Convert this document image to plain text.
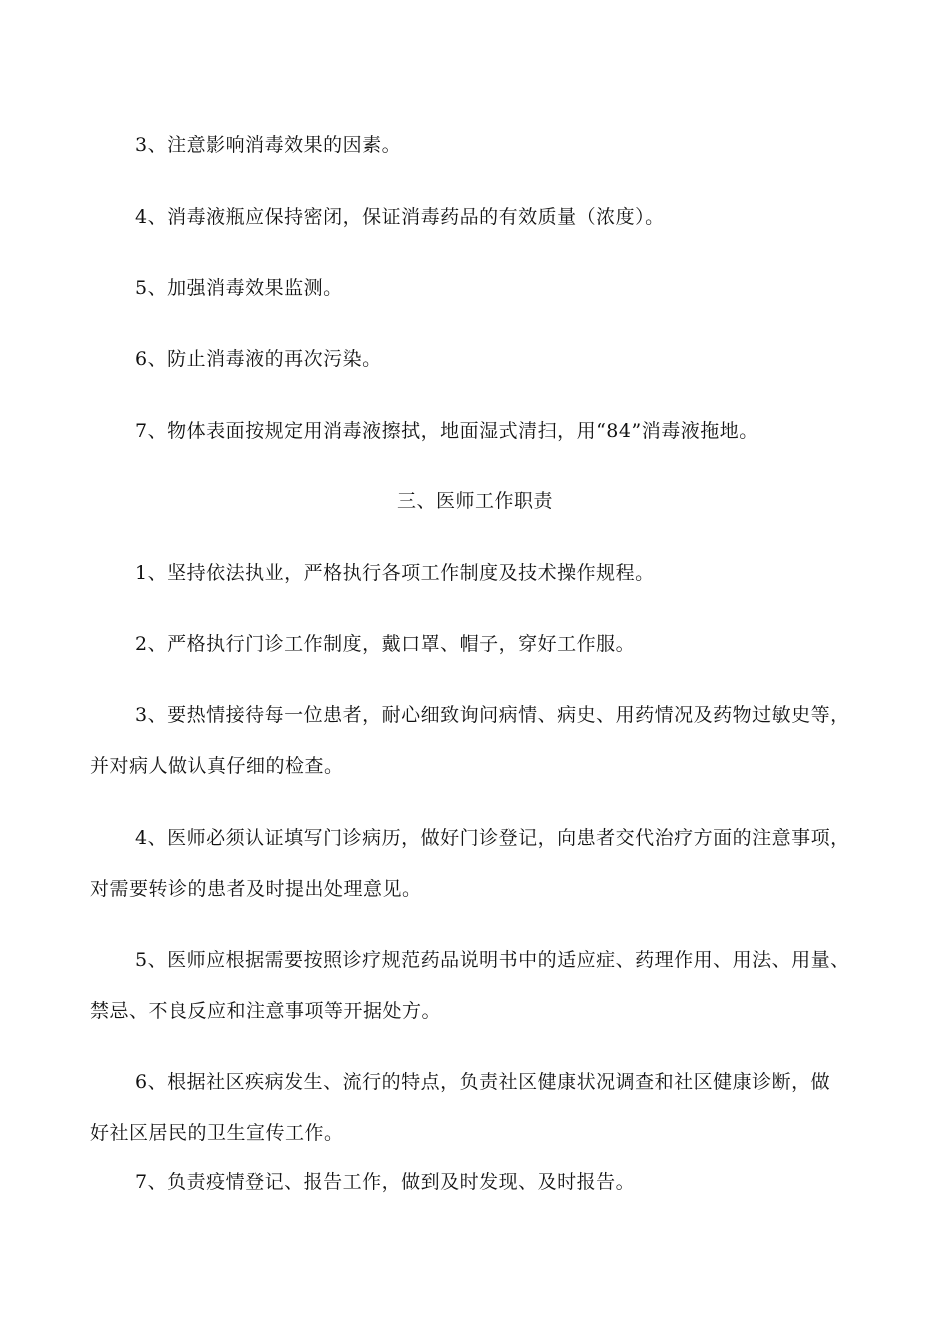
3、注意影响消毒效果的因素。
4、消毒液瓶应保持密闭，保证消毒药品的有效质量（浓度）。
5、加强消毒效果监测。
6、防止消毒液的再次污染。
7、物体表面按规定用消毒液擦拭，地面湿式清扫，用“84”消毒液拖地。
三、医师工作职责
1、坚持依法执业，严格执行各项工作制度及技术操作规程。
2、严格执行门诊工作制度，戴口罩、帽子，穿好工作服。
3、要热情接待每一位患者，耐心细致询问病情、病史、用药情况及药物过敏史等，
并对病人做认真仔细的检查。
4、医师必须认证填写门诊病历，做好门诊登记，向患者交代治疗方面的注意事项，
对需要转诊的患者及时提出处理意见。
5、医师应根据需要按照诊疗规范药品说明书中的适应症、药理作用、用法、用量、
禁忌、不良反应和注意事项等开据处方。
6、根据社区疾病发生、流行的特点，负责社区健康状况调查和社区健康诊断，做
好社区居民的卫生宣传工作。
7、负责疫情登记、报告工作，做到及时发现、及时报告。
